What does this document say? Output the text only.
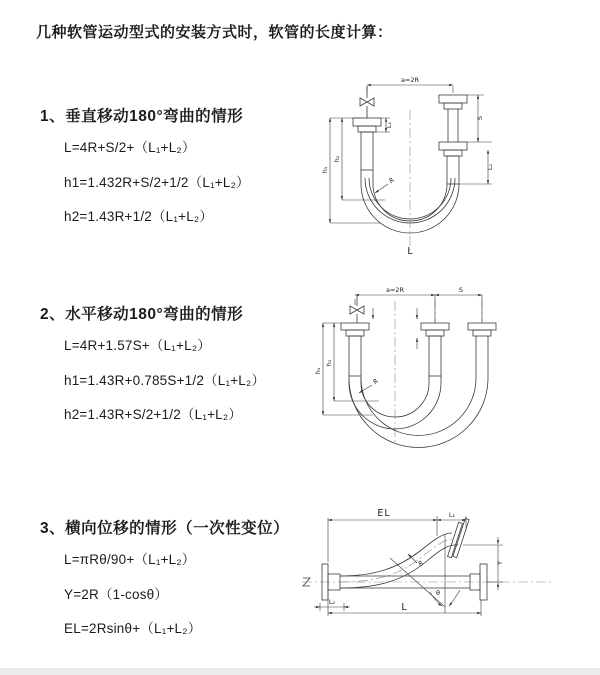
几种软管运动型式的安装方式时，软管的长度计算：
1、垂直移动180°弯曲的情形
L=4R+S/2+（L₁+L₂）
h1=1.432R+S/2+1/2（L₁+L₂）
h2=1.43R+1/2（L₁+L₂）
2、水平移动180°弯曲的情形
L=4R+1.57S+（L₁+L₂）
h1=1.43R+0.785S+1/2（L₁+L₂）
h2=1.43R+S/2+1/2（L₁+L₂）
3、横向位移的情形（一次性变位）
L=πRθ/90+（L₁+L₂）
Y=2R（1-cosθ）
EL=2Rsinθ+（L₁+L₂）
a=2R
S
L₂
L₁
h₁
h₂
R
L
a=2R	S
h₁
h₂
R
EL	L₁
Y
θ
R
L₂	L
